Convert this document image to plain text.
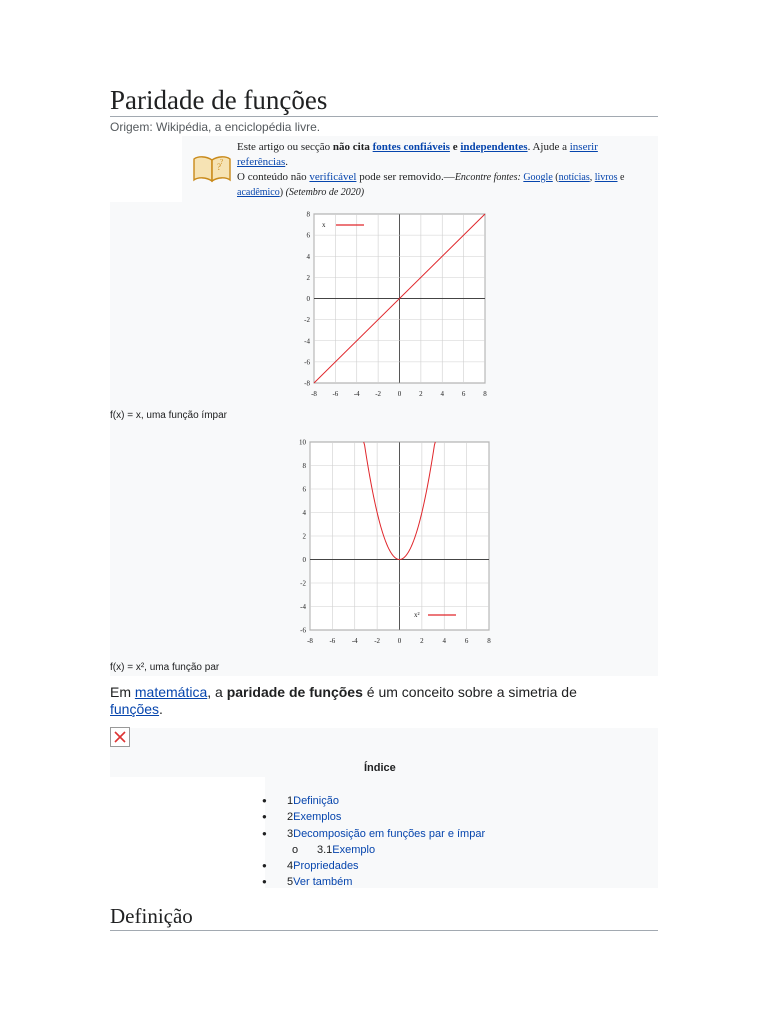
Paridade de funções
Origem: Wikipédia, a enciclopédia livre.
? ?
Este artigo ou secção não cita fontes confiáveis e independentes. Ajude a inserir referências.
O conteúdo não verificável pode ser removido.—Encontre fontes: Google (notícias, livros e acadêmico) (Setembro de 2020)
-8 -6 -4 -2 0	2	4	6	8
8
6
4
2
0
-2
-4
-6
-8
x
f(x) = x, uma função ímpar
-8 -6 -4 -2	0	2	4	6	8
10
8
6
4
2
0
-2
-4
-6
x²
f(x) = x², uma função par
Em matemática, a paridade de funções é um conceito sobre a simetria de funções.
Índice
● 1Definição
● 2Exemplos
● 3Decomposição em funções par e ímpar
o 3.1Exemplo
● 4Propriedades
● 5Ver também
Definição
